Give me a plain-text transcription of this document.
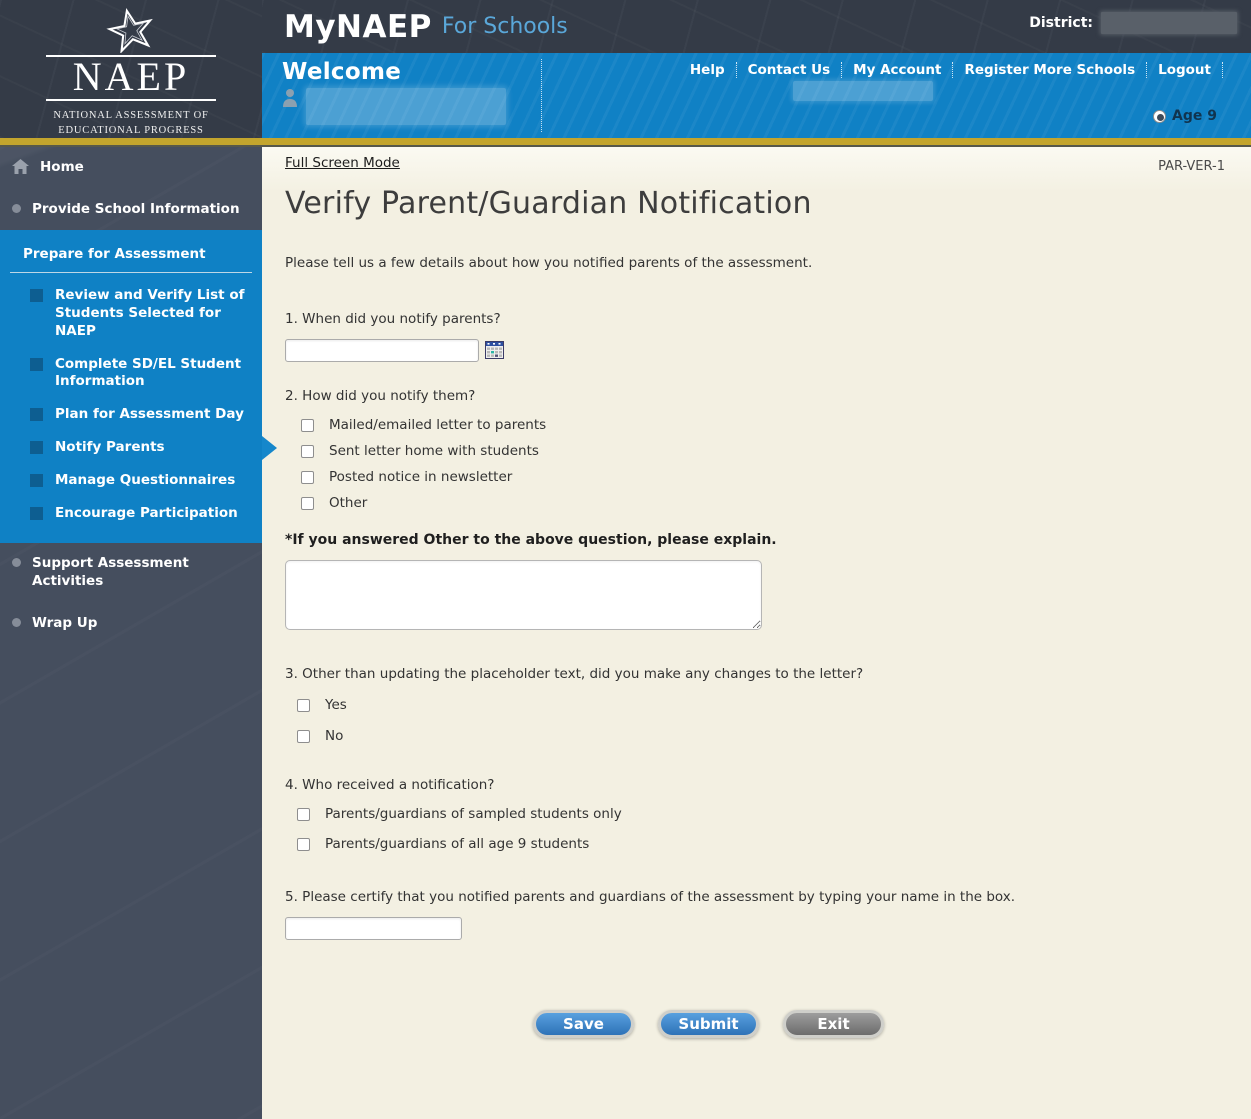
NAEP
NATIONAL ASSESSMENT OF EDUCATIONAL PROGRESS
MyNAEP For Schools	District:
Welcome	Help	Contact Us	My Account	Register More Schools	Logout
Age 9
Home
Provide School Information
Prepare for Assessment
Review and Verify List of Students Selected for NAEP
Complete SD/EL Student Information
Plan for Assessment Day
Notify Parents
Manage Questionnaires
Encourage Participation
Support Assessment Activities
Wrap Up
Full Screen Mode	PAR-VER-1
Verify Parent/Guardian Notification
Please tell us a few details about how you notified parents of the assessment.
1. When did you notify parents?
2. How did you notify them?
Mailed/emailed letter to parents
Sent letter home with students
Posted notice in newsletter
Other
*If you answered Other to the above question, please explain.
3. Other than updating the placeholder text, did you make any changes to the letter?
Yes
No
4. Who received a notification?
Parents/guardians of sampled students only
Parents/guardians of all age 9 students
5. Please certify that you notified parents and guardians of the assessment by typing your name in the box.
Save	Submit	Exit
